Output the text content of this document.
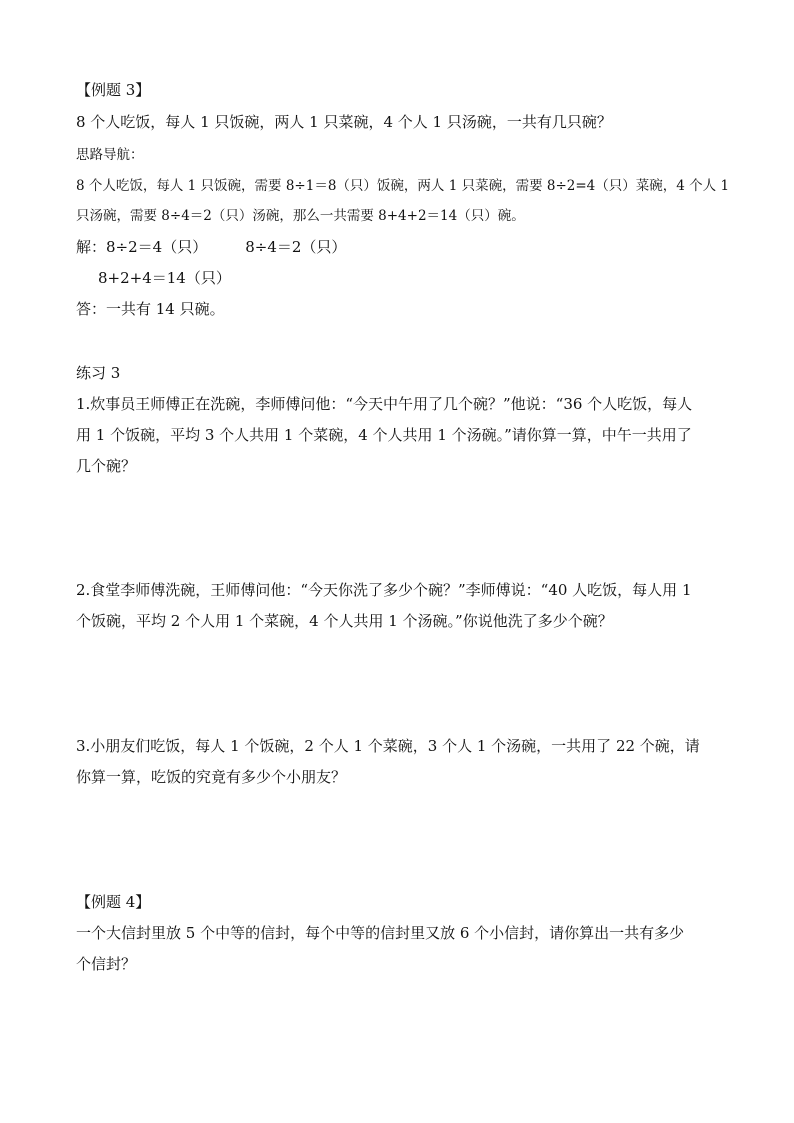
【例题 3】
8 个人吃饭，每人 1 只饭碗，两人 1 只菜碗，4 个人 1 只汤碗，一共有几只碗？
思路导航：
8 个人吃饭，每人 1 只饭碗，需要 8÷1＝8（只）饭碗，两人 1 只菜碗，需要 8÷2=4（只）菜碗，4 个人 1
只汤碗，需要 8÷4＝2（只）汤碗，那么一共需要 8+4+2＝14（只）碗。
解：8÷2＝4（只）	8÷4＝2（只）
8+2+4＝14（只）
答：一共有 14 只碗。
练习 3
1.炊事员王师傅正在洗碗，李师傅问他：“今天中午用了几个碗？”他说：“36 个人吃饭，每人
用 1 个饭碗，平均 3 个人共用 1 个菜碗，4 个人共用 1 个汤碗。”请你算一算，中午一共用了
几个碗？
2.食堂李师傅洗碗，王师傅问他：“今天你洗了多少个碗？”李师傅说：“40 人吃饭，每人用 1
个饭碗，平均 2 个人用 1 个菜碗，4 个人共用 1 个汤碗。”你说他洗了多少个碗？
3.小朋友们吃饭，每人 1 个饭碗，2 个人 1 个菜碗，3 个人 1 个汤碗，一共用了 22 个碗，请
你算一算，吃饭的究竟有多少个小朋友？
【例题 4】
一个大信封里放 5 个中等的信封，每个中等的信封里又放 6 个小信封，请你算出一共有多少
个信封？
